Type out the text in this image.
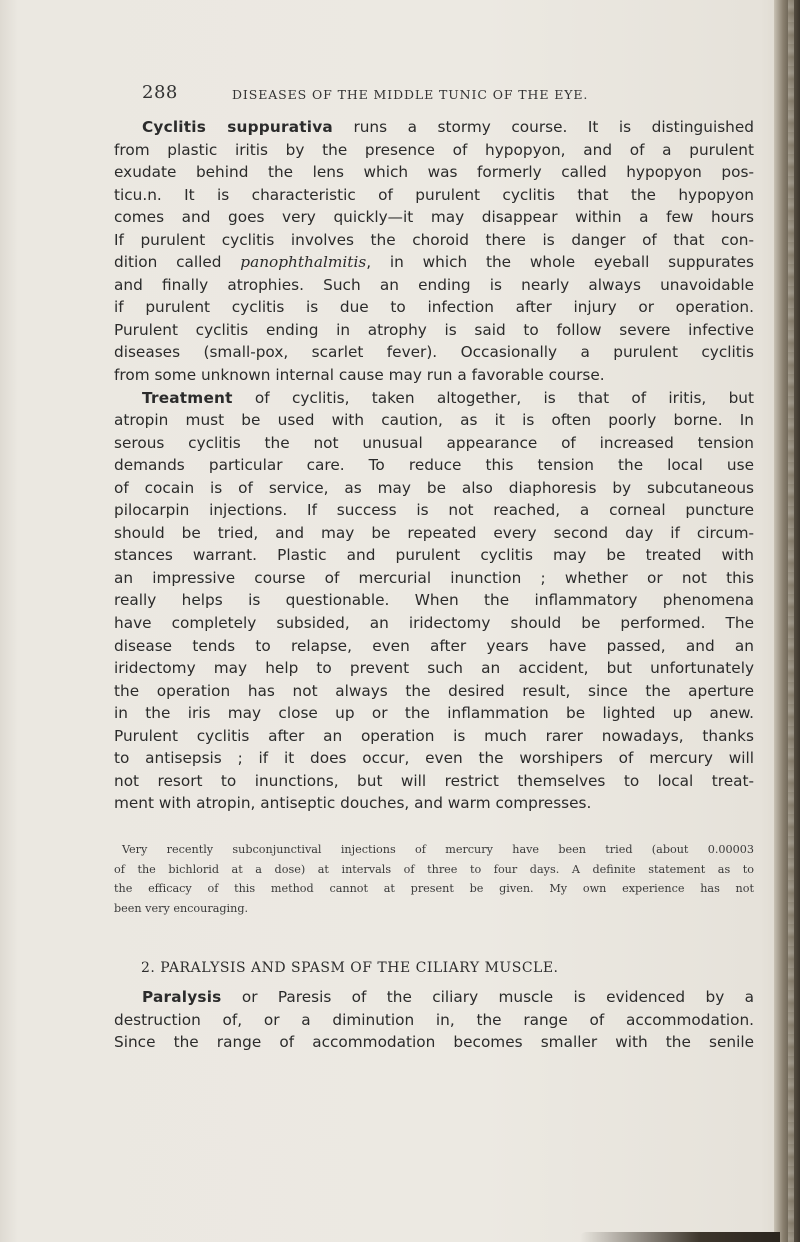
288	DISEASES OF THE MIDDLE TUNIC OF THE EYE.
Cyclitis suppurativa runs a stormy course. It is distinguished
from plastic iritis by the presence of hypopyon, and of a purulent
exudate behind the lens which was formerly called hypopyon pos-
ticu.n. It is characteristic of purulent cyclitis that the hypopyon
comes and goes very quickly—it may disappear within a few hours
If purulent cyclitis involves the choroid there is danger of that con-
dition called panophthalmitis, in which the whole eyeball suppurates
and finally atrophies. Such an ending is nearly always unavoidable
if purulent cyclitis is due to infection after injury or operation.
Purulent cyclitis ending in atrophy is said to follow severe infective
diseases (small-pox, scarlet fever). Occasionally a purulent cyclitis
from some unknown internal cause may run a favorable course.
Treatment of cyclitis, taken altogether, is that of iritis, but
atropin must be used with caution, as it is often poorly borne. In
serous cyclitis the not unusual appearance of increased tension
demands particular care. To reduce this tension the local use
of cocain is of service, as may be also diaphoresis by subcutaneous
pilocarpin injections. If success is not reached, a corneal puncture
should be tried, and may be repeated every second day if circum-
stances warrant. Plastic and purulent cyclitis may be treated with
an impressive course of mercurial inunction ; whether or not this
really helps is questionable. When the inflammatory phenomena
have completely subsided, an iridectomy should be performed. The
disease tends to relapse, even after years have passed, and an
iridectomy may help to prevent such an accident, but unfortunately
the operation has not always the desired result, since the aperture
in the iris may close up or the inflammation be lighted up anew.
Purulent cyclitis after an operation is much rarer nowadays, thanks
to antisepsis ; if it does occur, even the worshipers of mercury will
not resort to inunctions, but will restrict themselves to local treat-
ment with atropin, antiseptic douches, and warm compresses.
Very recently subconjunctival injections of mercury have been tried (about 0.00003
of the bichlorid at a dose) at intervals of three to four days. A definite statement as to
the efficacy of this method cannot at present be given. My own experience has not
been very encouraging.
2. PARALYSIS AND SPASM OF THE CILIARY MUSCLE.
Paralysis or Paresis of the ciliary muscle is evidenced by a
destruction of, or a diminution in, the range of accommodation.
Since the range of accommodation becomes smaller with the senile
